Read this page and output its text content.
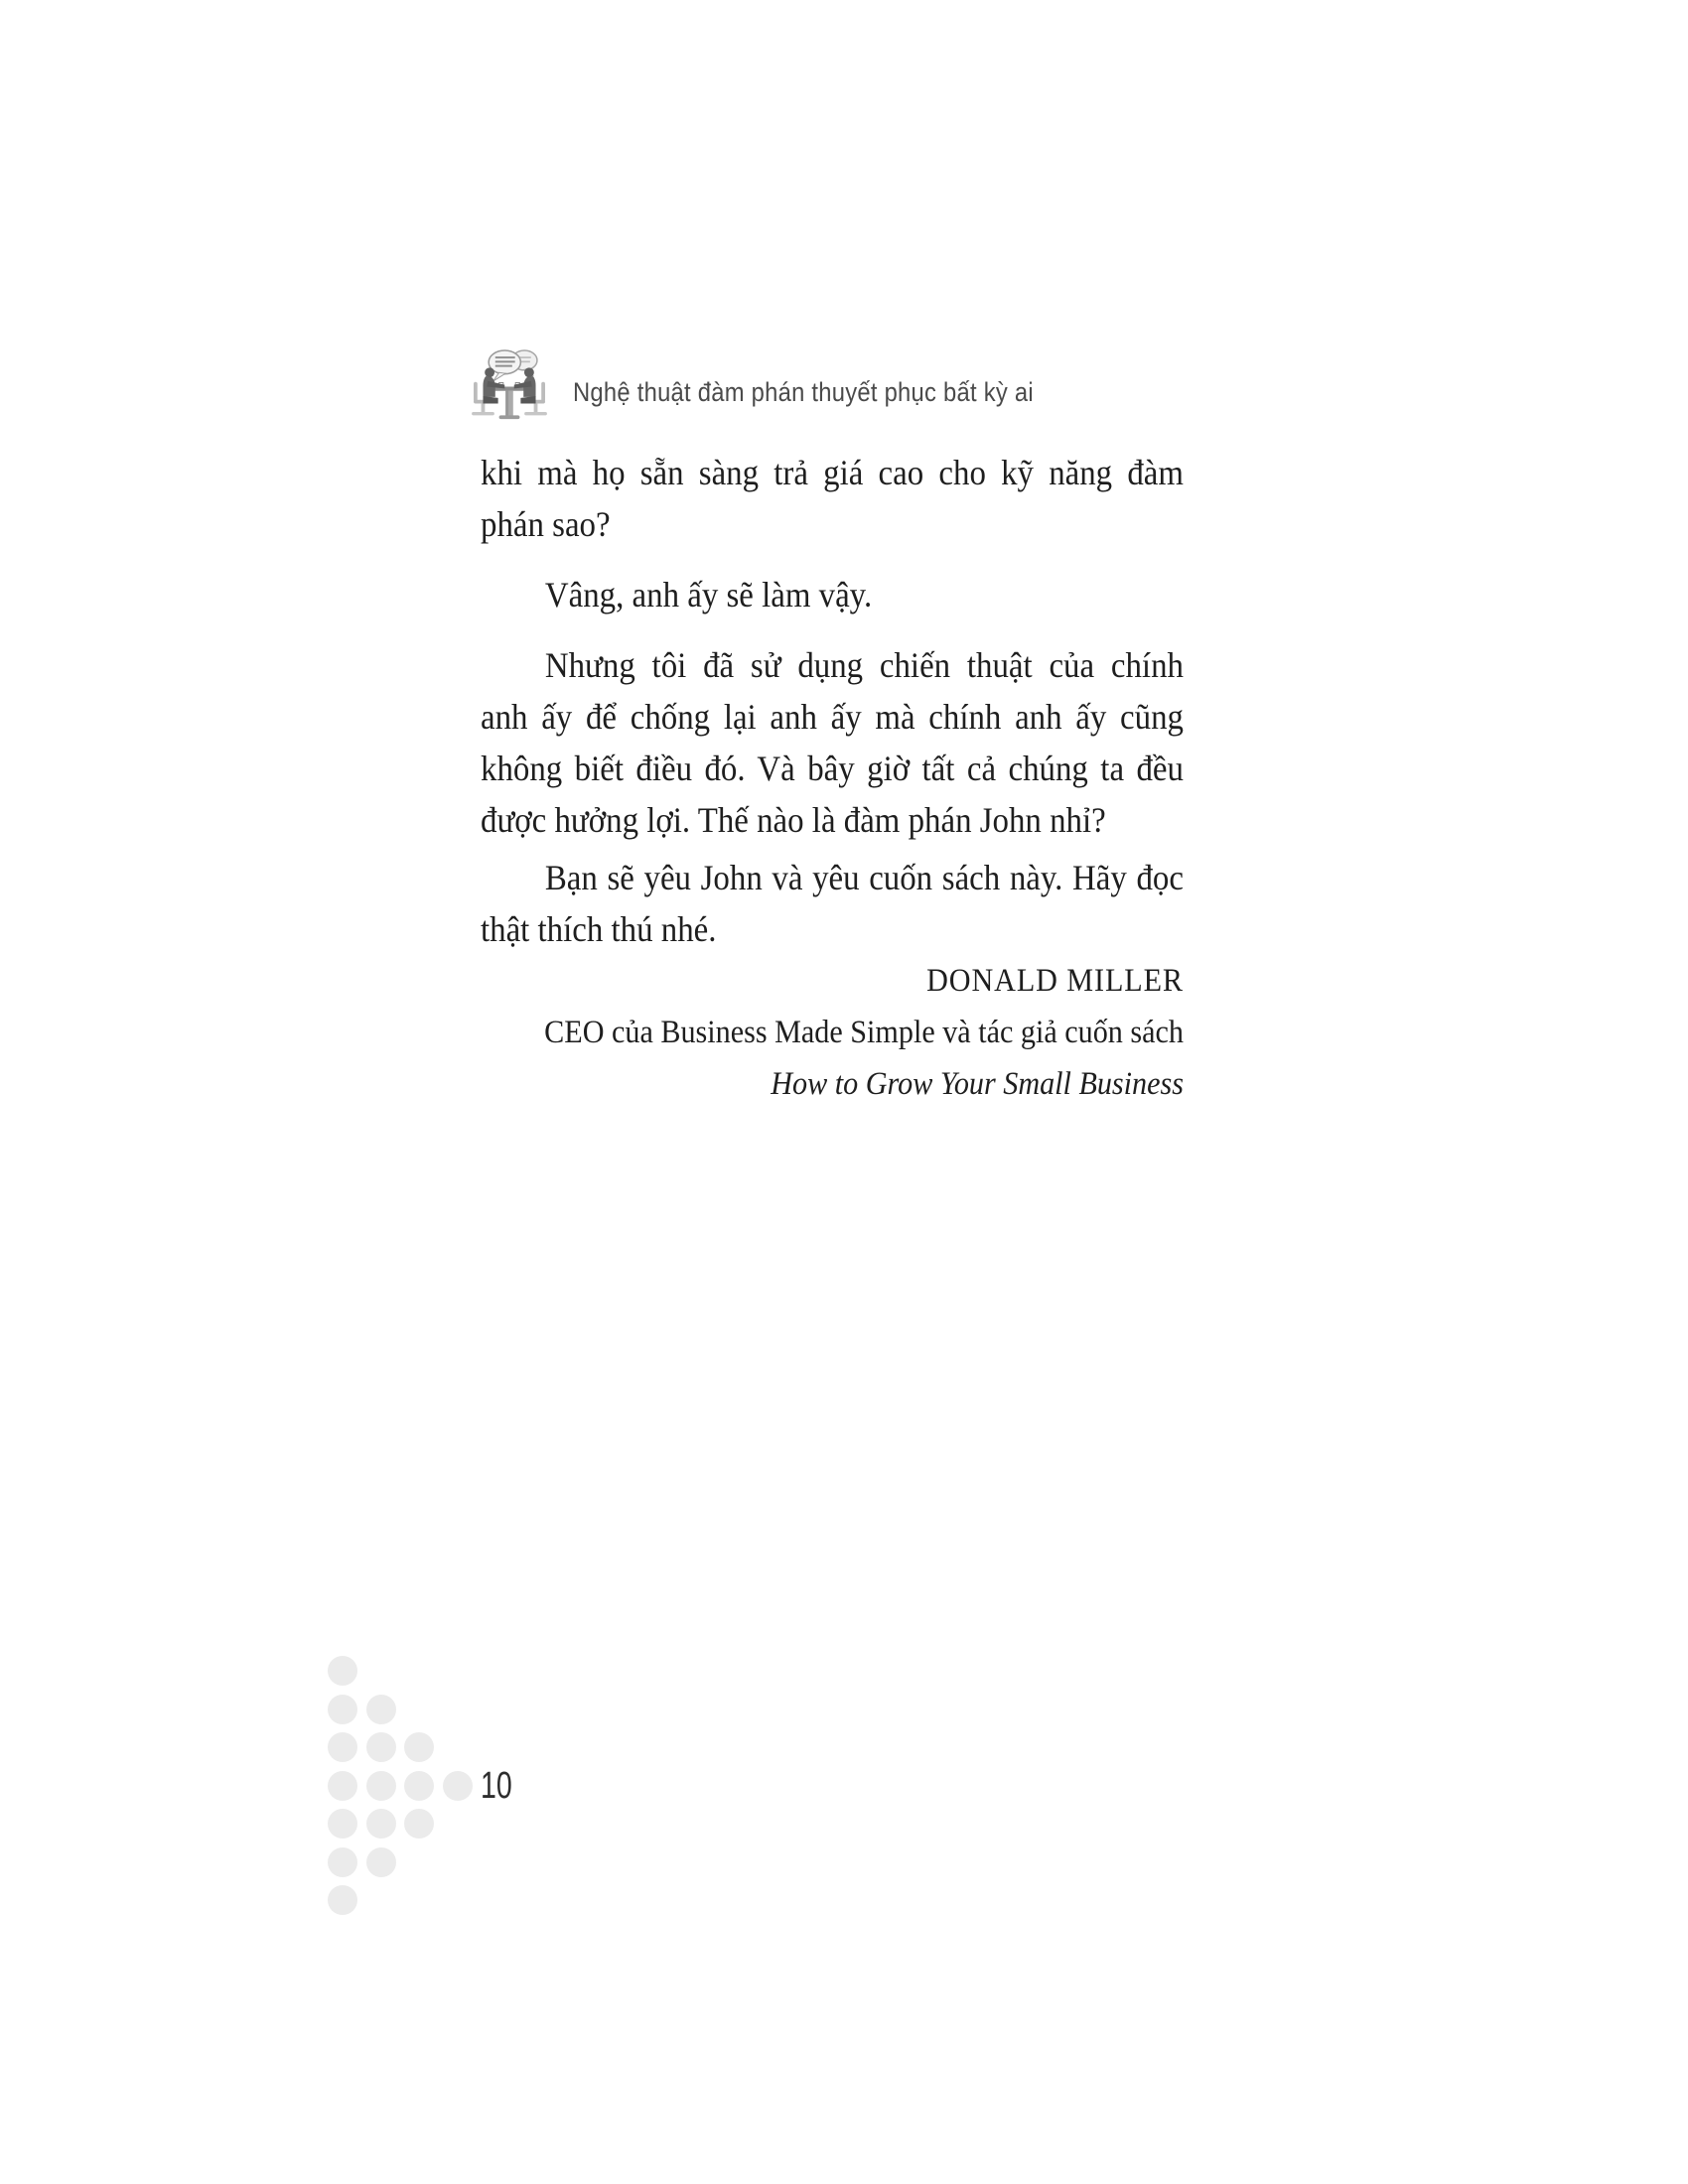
Nghệ thuật đàm phán thuyết phục bất kỳ ai
khi mà họ sẵn sàng trả giá cao cho kỹ năng đàm
phán sao?
Vâng, anh ấy sẽ làm vậy.
Nhưng tôi đã sử dụng chiến thuật của chính
anh ấy để chống lại anh ấy mà chính anh ấy cũng
không biết điều đó. Và bây giờ tất cả chúng ta đều
được hưởng lợi. Thế nào là đàm phán John nhỉ?
Bạn sẽ yêu John và yêu cuốn sách này. Hãy đọc
thật thích thú nhé.
DONALD MILLER
CEO của Business Made Simple và tác giả cuốn sách
How to Grow Your Small Business
10
